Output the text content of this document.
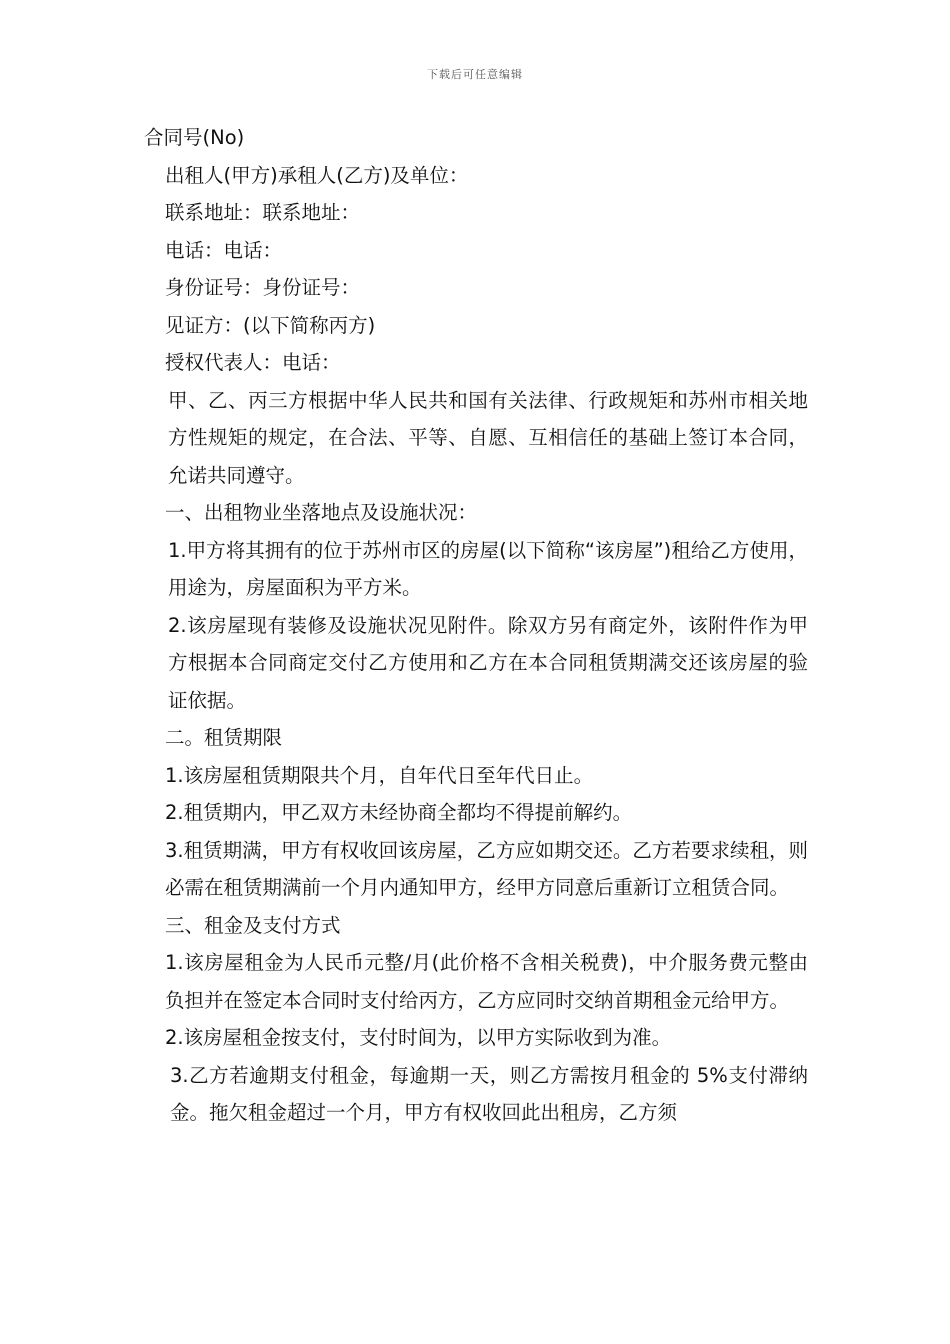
下载后可任意编辑
合同号(No)
出租人(甲方)承租人(乙方)及单位：
联系地址：联系地址：
电话：电话：
身份证号：身份证号：
见证方：(以下简称丙方)
授权代表人：电话：
甲、乙、丙三方根据中华人民共和国有关法律、行政规矩和苏州市相关地方性规矩的规定，在合法、平等、自愿、互相信任的基础上签订本合同，允诺共同遵守。
一、出租物业坐落地点及设施状况：
1.甲方将其拥有的位于苏州市区的房屋(以下简称“该房屋”)租给乙方使用，用途为，房屋面积为平方米。
2.该房屋现有装修及设施状况见附件。除双方另有商定外，该附件作为甲方根据本合同商定交付乙方使用和乙方在本合同租赁期满交还该房屋的验证依据。
二。租赁期限
1.该房屋租赁期限共个月，自年代日至年代日止。
2.租赁期内，甲乙双方未经协商全都均不得提前解约。
3.租赁期满，甲方有权收回该房屋，乙方应如期交还。乙方若要求续租，则必需在租赁期满前一个月内通知甲方，经甲方同意后重新订立租赁合同。
三、租金及支付方式
1.该房屋租金为人民币元整/月(此价格不含相关税费)，中介服务费元整由负担并在签定本合同时支付给丙方，乙方应同时交纳首期租金元给甲方。
2.该房屋租金按支付，支付时间为，以甲方实际收到为准。
3.乙方若逾期支付租金，每逾期一天，则乙方需按月租金的 5%支付滞纳金。拖欠租金超过一个月，甲方有权收回此出租房，乙方须
